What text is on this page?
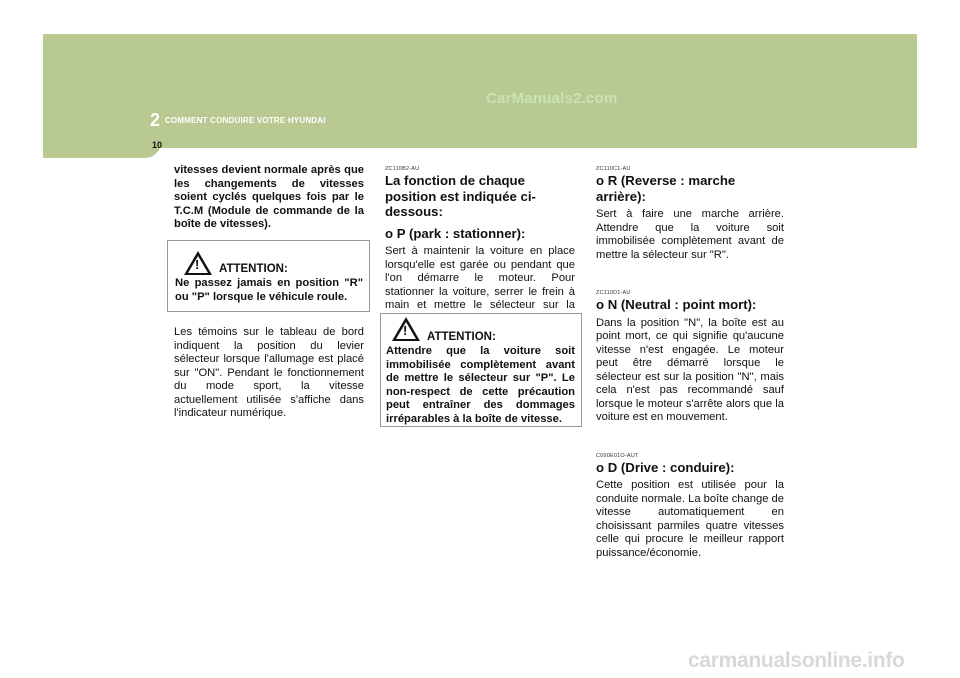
CarManuals2.com
2 COMMENT CONDUIRE VOTRE HYUNDAI
10

vitesses devient normale après que les changements de vitesses soient cyclés quelques fois par le T.C.M (Module de commande de la boîte de vitesses).

! ATTENTION:
Ne passez jamais en position "R" ou "P" lorsque le véhicule roule.

Les témoins sur le tableau de bord indiquent la position du levier sélecteur lorsque l'allumage est placé sur "ON". Pendant le fonctionnement du mode sport, la vitesse actuellement utilisée s'affiche dans l'indicateur numérique.

ZC110B2-AU

La fonction de chaque position est indiquée ci-dessous:

o P (park : stationner):

Sert à maintenir la voiture en place lorsqu'elle est garée ou pendant que l'on démarre le moteur. Pour stationner la voiture, serrer le frein à main et mettre le sélecteur sur la

! ATTENTION:
Attendre que la voiture soit immobilisée complètement avant de mettre le sélecteur sur "P". Le non-respect de cette précaution peut entraîner des dommages irréparables à la boîte de vitesse.

ZC110C1-AU

o R (Reverse : marche arrière):

Sert à faire une marche arrière. Attendre que la voiture soit immobilisée complètement avant de mettre la sélecteur sur "R".

ZC110D1-AU

o N (Neutral : point mort):

Dans la position "N", la boîte est au point mort, ce qui signifie qu'aucune vitesse n'est engagée. Le moteur peut être démarré lorsque le sélecteur est sur la position "N", mais cela n'est pas recommandé sauf lorsque le moteur s'arrête alors que la voiture est en mouvement.

C090E01O-AUT

o D (Drive : conduire):

Cette position est utilisée pour la conduite normale. La boîte change de vitesse automatiquement en choisissant parmiles quatre vitesses celle qui procure le meilleur rapport puissance/économie.

carmanualsonline.info
